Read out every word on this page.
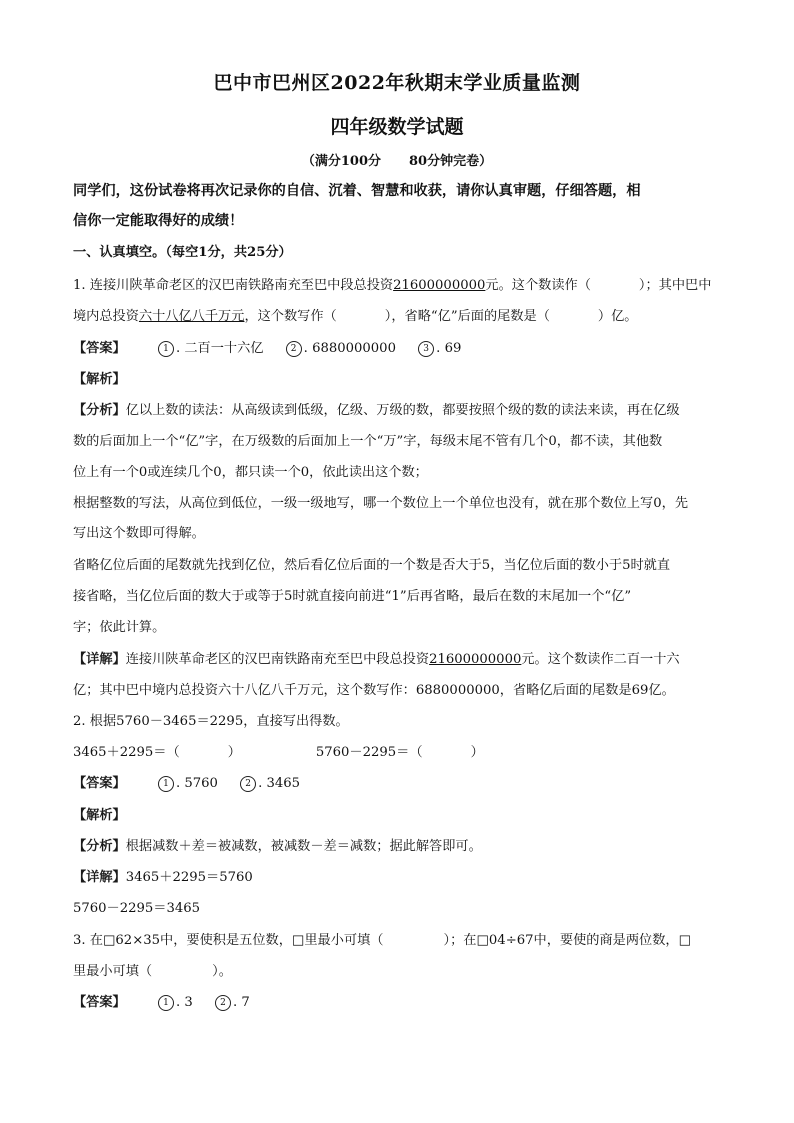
巴中市巴州区2022年秋期末学业质量监测
四年级数学试题
（满分100分 80分钟完卷）
同学们，这份试卷将再次记录你的自信、沉着、智慧和收获，请你认真审题，仔细答题，相
信你一定能取得好的成绩！
一、认真填空。（每空1分，共25分）
1. 连接川陕革命老区的汉巴南铁路南充至巴中段总投资21600000000元。这个数读作（	）；其中巴中
境内总投资六十八亿八千万元，这个数写作（	），省略“亿”后面的尾数是（	）亿。
【答案】	1 . 二百一十六亿	2 . 6880000000	3 . 69
【解析】
【分析】亿以上数的读法：从高级读到低级，亿级、万级的数，都要按照个级的数的读法来读，再在亿级
数的后面加上一个“亿”字，在万级数的后面加上一个“万”字，每级末尾不管有几个0，都不读，其他数
位上有一个0或连续几个0，都只读一个0，依此读出这个数；
根据整数的写法，从高位到低位，一级一级地写，哪一个数位上一个单位也没有，就在那个数位上写0，先
写出这个数即可得解。
省略亿位后面的尾数就先找到亿位，然后看亿位后面的一个数是否大于5，当亿位后面的数小于5时就直
接省略，当亿位后面的数大于或等于5时就直接向前进“1”后再省略，最后在数的末尾加一个“亿”
字；依此计算。
【详解】连接川陕革命老区的汉巴南铁路南充至巴中段总投资21600000000元。这个数读作二百一十六
亿；其中巴中境内总投资六十八亿八千万元，这个数写作：6880000000，省略亿后面的尾数是69亿。
2. 根据5760－3465＝2295，直接写出得数。
3465＋2295＝（	）	5760－2295＝（	）
【答案】	1 . 5760	2 . 3465
【解析】
【分析】根据减数＋差＝被减数，被减数－差＝减数；据此解答即可。
【详解】3465＋2295＝5760
5760－2295＝3465
3. 在□62×35中，要使积是五位数，□里最小可填（	）；在□04÷67中，要使的商是两位数，□
里最小可填（	）。
【答案】	1 . 3	2 . 7
